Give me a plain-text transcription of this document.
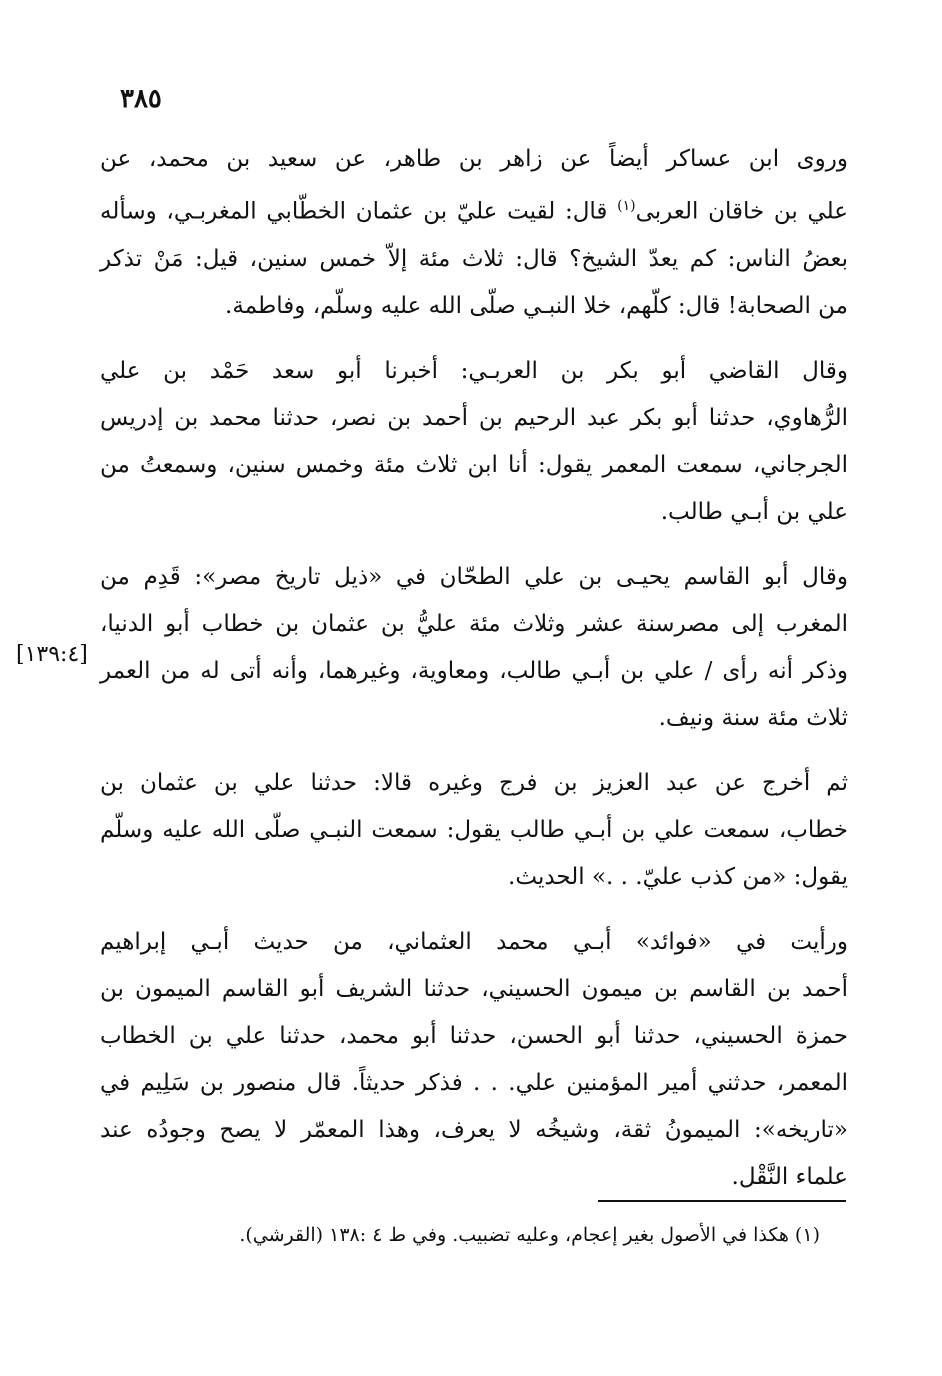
٣٨٥

وروى ابن عساكر أيضاً عن زاهر بن طاهر، عن سعيد بن محمد، عن
علي بن خاقان العربى$^{(١)}$ قال: لقيت عليّ بن عثمان الخطّابي المغربـي، وسأله
بعضُ الناس: كم يعدّ الشيخ؟ قال: ثلاث مئة إلاّ خمس سنين، قيل: مَنْ تذكر
من الصحابة! قال: كلّهم، خلا النبـي صلّى الله عليه وسلّم، وفاطمة.

وقال القاضي أبو بكر بن العربـي: أخبرنا أبو سعد حَمْد بن علي
الرُّهاوي، حدثنا أبو بكر عبد الرحيم بن أحمد بن نصر، حدثنا محمد بن إدريس
الجرجاني، سمعت المعمر يقول: أنا ابن ثلاث مئة وخمس سنين، وسمعتُ من
علي بن أبـي طالب.

وقال أبو القاسم يحيـى بن علي الطحّان في «ذيل تاريخ مصر»: قَدِم من
المغرب إلى مصرسنة عشر وثلاث مئة عليُّ بن عثمان بن خطاب أبو الدنيا،
وذكر أنه رأى / علي بن أبـي طالب، ومعاوية، وغيرهما، وأنه أتى له من العمر
ثلاث مئة سنة ونيف.

ثم أخرج عن عبد العزيز بن فرج وغيره قالا: حدثنا علي بن عثمان بن
خطاب، سمعت علي بن أبـي طالب يقول: سمعت النبـي صلّى الله عليه وسلّم
يقول: «من كذب عليّ. . .» الحديث.

ورأيت في «فوائد» أبـي محمد العثماني، من حديث أبـي إبراهيم
أحمد بن القاسم بن ميمون الحسيني، حدثنا الشريف أبو القاسم الميمون بن
حمزة الحسيني، حدثنا أبو الحسن، حدثنا أبو محمد، حدثنا علي بن الخطاب
المعمر، حدثني أمير المؤمنين علي. . . فذكر حديثاً. قال منصور بن سَلِيم في
«تاريخه»: الميمونُ ثقة، وشيخُه لا يعرف، وهذا المعمّر لا يصح وجودُه عند
علماء النَّقْل.

[١٣٩:٤]
(١) هكذا في الأصول بغير إعجام، وعليه تضبيب. وفي ط ٤ :١٣٨ (القرشي).
